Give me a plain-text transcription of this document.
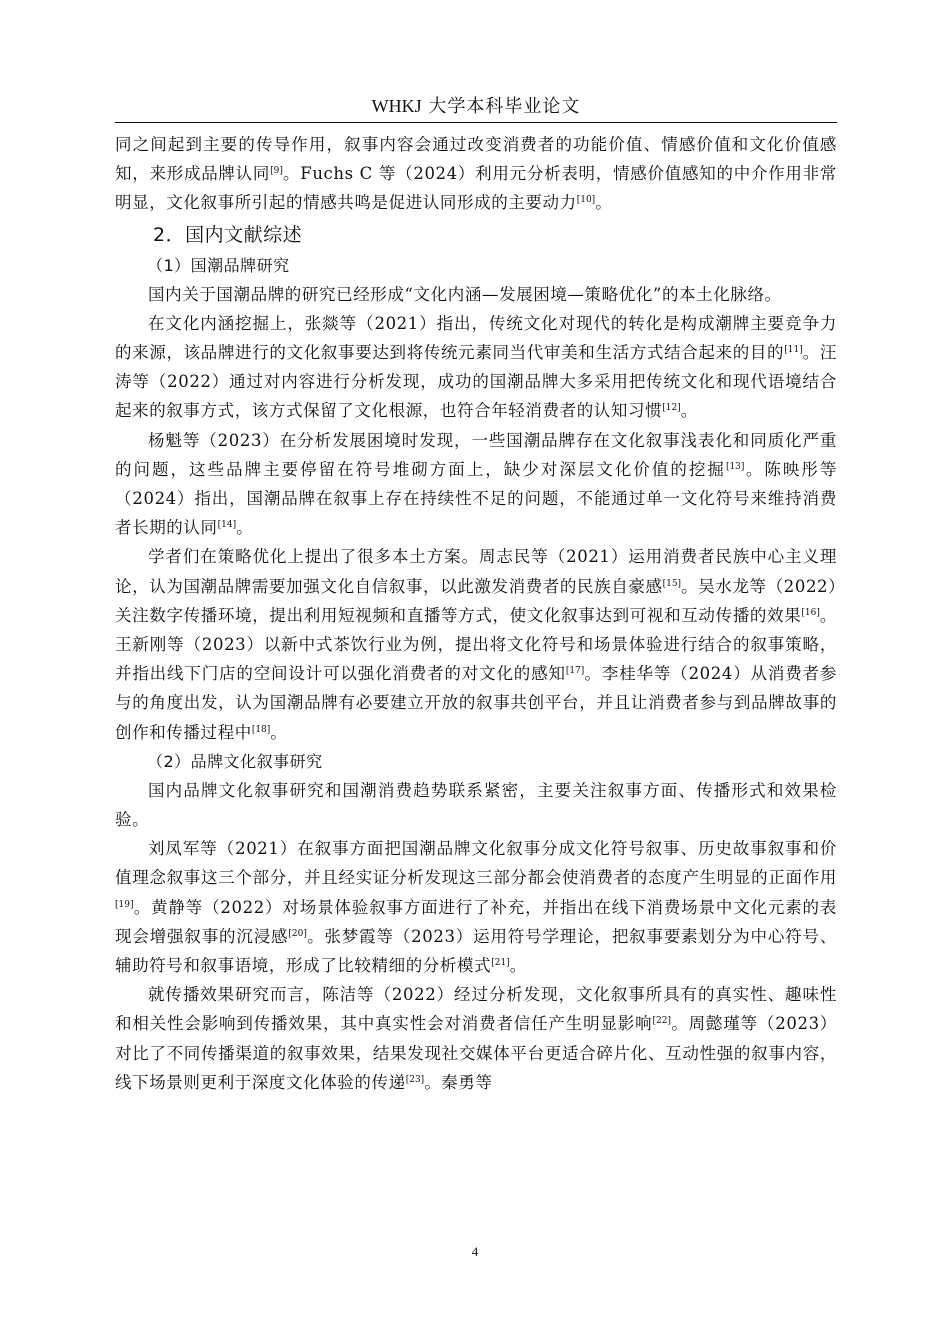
WHKJ 大学本科毕业论文

同之间起到主要的传导作用，叙事内容会通过改变消费者的功能价值、情感价值和文化价值感知，来形成品牌认同[9]。Fuchs C 等（2024）利用元分析表明，情感价值感知的中介作用非常明显，文化叙事所引起的情感共鸣是促进认同形成的主要动力[10]。

2．国内文献综述
（1）国潮品牌研究

国内关于国潮品牌的研究已经形成“文化内涵—发展困境—策略优化”的本土化脉络。

在文化内涵挖掘上，张燚等（2021）指出，传统文化对现代的转化是构成潮牌主要竞争力的来源，该品牌进行的文化叙事要达到将传统元素同当代审美和生活方式结合起来的目的[11]。汪涛等（2022）通过对内容进行分析发现，成功的国潮品牌大多采用把传统文化和现代语境结合起来的叙事方式，该方式保留了文化根源，也符合年轻消费者的认知习惯[12]。

杨魁等（2023）在分析发展困境时发现，一些国潮品牌存在文化叙事浅表化和同质化严重的问题，这些品牌主要停留在符号堆砌方面上，缺少对深层文化价值的挖掘[13]。陈映彤等（2024）指出，国潮品牌在叙事上存在持续性不足的问题，不能通过单一文化符号来维持消费者长期的认同[14]。

学者们在策略优化上提出了很多本土方案。周志民等（2021）运用消费者民族中心主义理论，认为国潮品牌需要加强文化自信叙事，以此激发消费者的民族自豪感[15]。吴水龙等（2022）关注数字传播环境，提出利用短视频和直播等方式，使文化叙事达到可视和互动传播的效果[16]。王新刚等（2023）以新中式茶饮行业为例，提出将文化符号和场景体验进行结合的叙事策略，并指出线下门店的空间设计可以强化消费者的对文化的感知[17]。李桂华等（2024）从消费者参与的角度出发，认为国潮品牌有必要建立开放的叙事共创平台，并且让消费者参与到品牌故事的创作和传播过程中[18]。

（2）品牌文化叙事研究

国内品牌文化叙事研究和国潮消费趋势联系紧密，主要关注叙事方面、传播形式和效果检验。

刘凤军等（2021）在叙事方面把国潮品牌文化叙事分成文化符号叙事、历史故事叙事和价值理念叙事这三个部分，并且经实证分析发现这三部分都会使消费者的态度产生明显的正面作用[19]。黄静等（2022）对场景体验叙事方面进行了补充，并指出在线下消费场景中文化元素的表现会增强叙事的沉浸感[20]。张梦霞等（2023）运用符号学理论，把叙事要素划分为中心符号、辅助符号和叙事语境，形成了比较精细的分析模式[21]。

就传播效果研究而言，陈洁等（2022）经过分析发现，文化叙事所具有的真实性、趣味性和相关性会影响到传播效果，其中真实性会对消费者信任产生明显影响[22]。周懿瑾等（2023）对比了不同传播渠道的叙事效果，结果发现社交媒体平台更适合碎片化、互动性强的叙事内容，线下场景则更利于深度文化体验的传递[23]。秦勇等

4
